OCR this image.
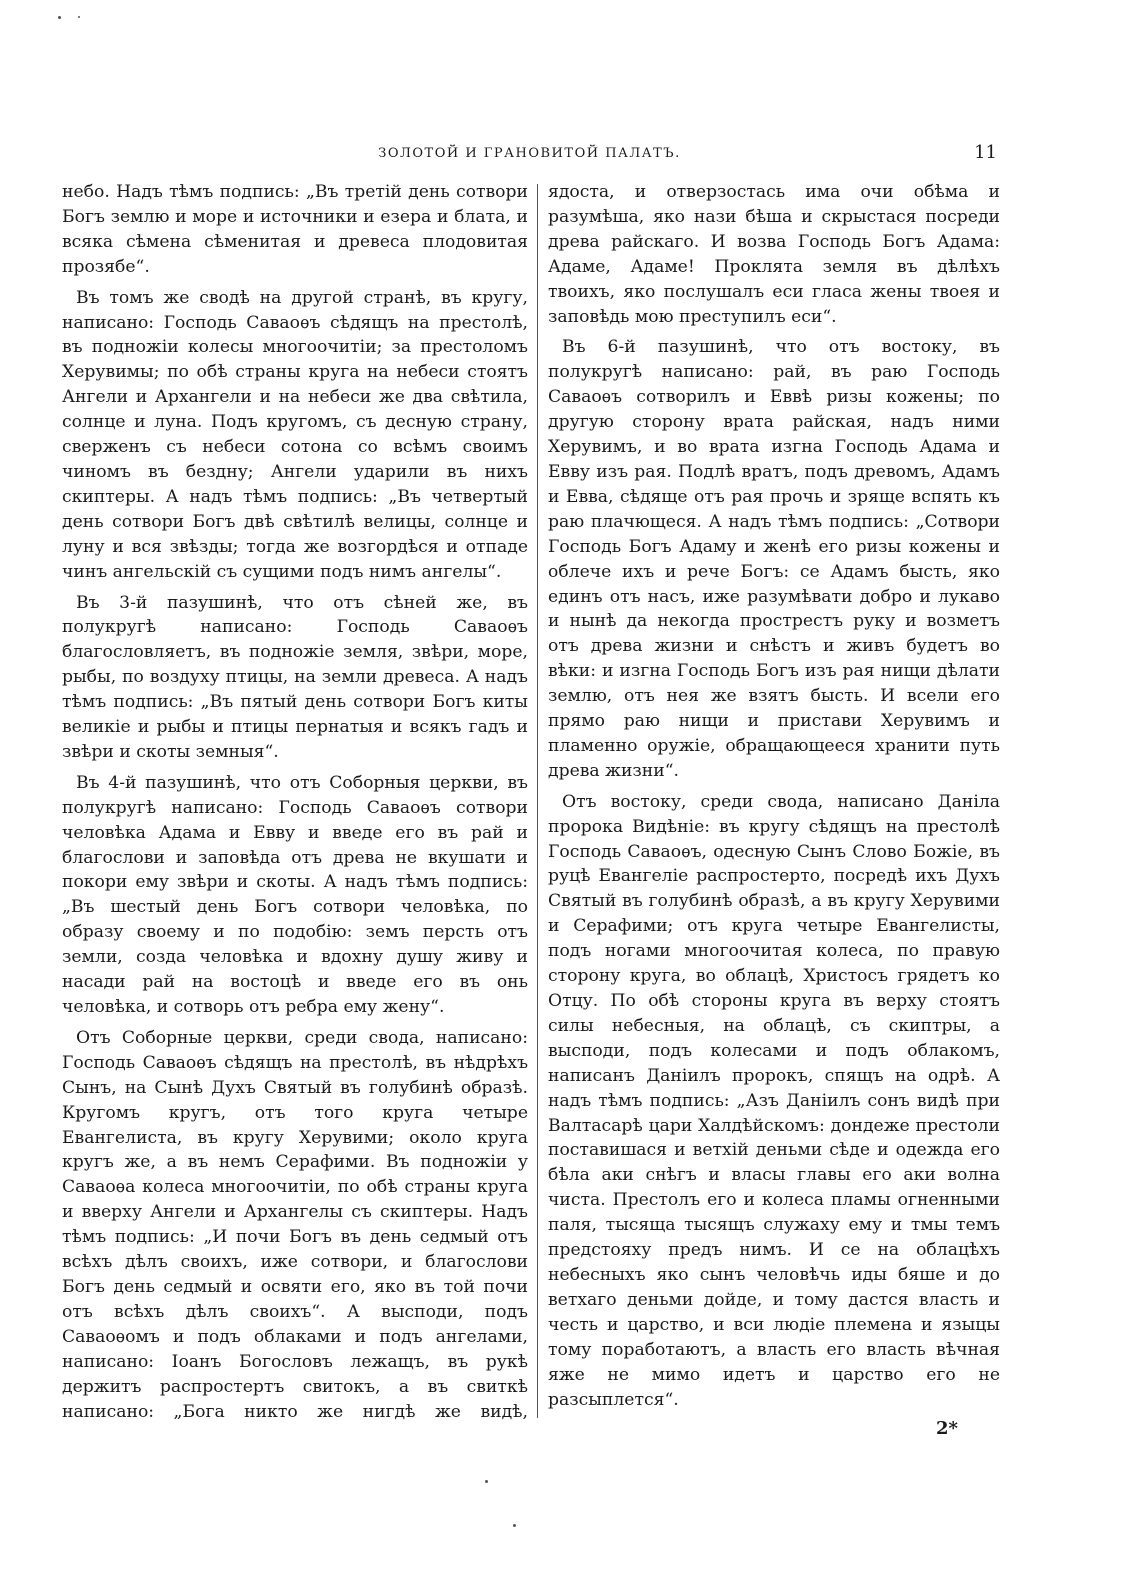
ЗОЛОТОЙ И ГРАНОВИТОЙ ПАЛАТЪ.	11

небо. Надъ тѣмъ подпись: „Въ третій день сотвори Богъ землю и море и источники и езера и блата, и всяка сѣмена сѣменитая и древеса плодовитая прозябе“.

Въ томъ же сводѣ на другой странѣ, въ кругу, написано: Господь Саваоѳъ сѣдящъ на престолѣ, въ подножіи колесы многоочитіи; за престоломъ Херувимы; по обѣ страны круга на небеси стоятъ Ангели и Архангели и на небеси же два свѣтила, солнце и луна. Подъ кругомъ, съ десную страну, сверженъ съ небеси сотона со всѣмъ своимъ чиномъ въ бездну; Ангели ударили въ нихъ скиптеры. А надъ тѣмъ подпись: „Въ четвертый день сотвори Богъ двѣ свѣтилѣ велицы, солнце и луну и вся звѣзды; тогда же возгордѣся и отпаде чинъ ангельскій съ сущими подъ нимъ ангелы“.

Въ 3-й пазушинѣ, что отъ сѣней же, въ полукругѣ написано: Господь Саваоѳъ благословляетъ, въ подножіе земля, звѣри, море, рыбы, по воздуху птицы, на земли древеса. А надъ тѣмъ подпись: „Въ пятый день сотвори Богъ киты великіе и рыбы и птицы пернатыя и всякъ гадъ и звѣри и скоты земныя“.

Въ 4-й пазушинѣ, что отъ Соборныя церкви, въ полукругѣ написано: Господь Саваоѳъ сотвори человѣка Адама и Евву и введе его въ рай и благослови и заповѣда отъ древа не вкушати и покори ему звѣри и скоты. А надъ тѣмъ подпись: „Въ шестый день Богъ сотвори человѣка, по образу своему и по подобію: земъ персть отъ земли, созда человѣка и вдохну душу живу и насади рай на востоцѣ и введе его въ онь человѣка, и сотворь отъ ребра ему жену“.

Отъ Соборные церкви, среди свода, написано: Господь Саваоѳъ сѣдящъ на престолѣ, въ нѣдрѣхъ Сынъ, на Сынѣ Духъ Святый въ голубинѣ образѣ. Кругомъ кругъ, отъ того круга четыре Евангелиста, въ кругу Херувими; около круга кругъ же, а въ немъ Серафими. Въ подножіи у Саваоѳа колеса многоочитіи, по обѣ страны круга и вверху Ангели и Архангелы съ скиптеры. Надъ тѣмъ подпись: „И почи Богъ въ день седмый отъ всѣхъ дѣлъ своихъ, иже сотвори, и благослови Богъ день седмый и освяти его, яко въ той почи отъ всѣхъ дѣлъ своихъ“. А высподи, подъ Саваоѳомъ и подъ облаками и подъ ангелами, написано: Іоанъ Богословъ лежащъ, въ рукѣ держитъ распростертъ свитокъ, а въ свиткѣ написано: „Бога никто же нигдѣ же видѣ,

ядоста, и отверзостась има очи обѣма и разумѣша, яко нази бѣша и скрыстася посреди древа райскаго. И возва Господь Богъ Адама: Адаме, Адаме! Проклята земля въ дѣлѣхъ твоихъ, яко послушалъ еси гласа жены твоея и заповѣдь мою преступилъ еси“.

Въ 6-й пазушинѣ, что отъ востоку, въ полукругѣ написано: рай, въ раю Господь Саваоѳъ сотворилъ и Еввѣ ризы кожены; по другую сторону врата райская, надъ ними Херувимъ, и во врата изгна Господь Адама и Евву изъ рая. Подлѣ вратъ, подъ древомъ, Адамъ и Евва, сѣдяще отъ рая прочь и зряще вспять къ раю плачющеся. А надъ тѣмъ подпись: „Сотвори Господь Богъ Адаму и женѣ его ризы кожены и облече ихъ и рече Богъ: се Адамъ бысть, яко единъ отъ насъ, иже разумѣвати добро и лукаво и нынѣ да некогда прострестъ руку и возметъ отъ древа жизни и снѣстъ и живъ будетъ во вѣки: и изгна Господь Богъ изъ рая нищи дѣлати землю, отъ нея же взятъ бысть. И всели его прямо раю нищи и пристави Херувимъ и пламенно оружіе, обращающееся хранити путь древа жизни“.

Отъ востоку, среди свода, написано Даніла пророка Видѣніе: въ кругу сѣдящъ на престолѣ Господь Саваоѳъ, одесную Сынъ Слово Божіе, въ руцѣ Евангеліе распростерто, посредѣ ихъ Духъ Святый въ голубинѣ образѣ, а въ кругу Херувими и Серафими; отъ круга четыре Евангелисты, подъ ногами многоочитая колеса, по правую сторону круга, во облацѣ, Христосъ грядетъ ко Отцу. По обѣ стороны круга въ верху стоятъ силы небесныя, на облацѣ, съ скиптры, а высподи, подъ колесами и подъ облакомъ, написанъ Даніилъ пророкъ, спящъ на одрѣ. А надъ тѣмъ подпись: „Азъ Даніилъ сонъ видѣ при Валтасарѣ цари Халдѣйскомъ: дондеже престоли поставишася и ветхій деньми сѣде и одежда его бѣла аки снѣгъ и власы главы его аки волна чиста. Престолъ его и колеса пламы огненными паля, тысяща тысящъ служаху ему и тмы темъ предстояху предъ нимъ. И се на облацѣхъ небесныхъ яко сынъ человѣчь иды бяше и до ветхаго деньми дойде, и тому дастся власть и честь и царство, и вси людіе племена и языцы тому поработаютъ, а власть его власть вѣчная яже не мимо идетъ и царство его не разсыплется“.

2*
